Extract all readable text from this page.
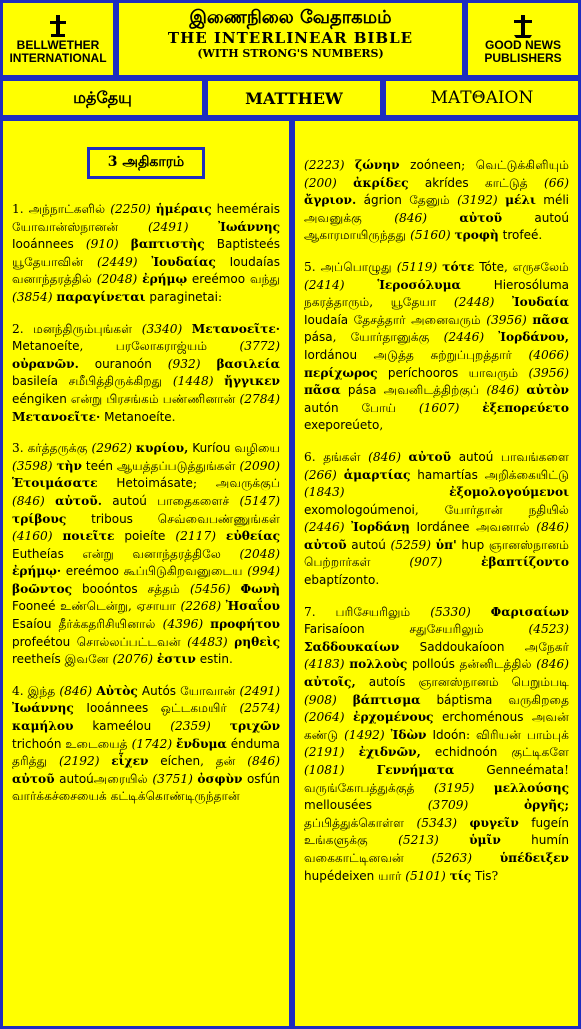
BELLWETHER
INTERNATIONAL
இணைநிலை வேதாகமம்
THE INTERLINEAR BIBLE
(WITH STRONG'S NUMBERS)
GOOD NEWS
PUBLISHERS
மத்தேயு	MATTHEW	ΜΑΤΘΑΙΟΝ
3 அதிகாரம்

1. அந்நாட்களில் (2250) ἡμέραις heemérais யோவான்ஸ்நானன் (2491) Ἰωάννης Iooánnees (910) βαπτιστὴς Baptisteés யூதேயாவின் (2449) Ἰουδαίας Ioudaías வனாந்தரத்தில் (2048) ἐρήμῳ ereémoo வந்து (3854) παραγίνεται paraginetai:

2. மனந்திரும்புங்கள் (3340) Μετανοεῖτε· Metanoeíte, பரலோகராஜ்யம் (3772) οὐρανῶν. ouranoón (932) βασιλεία basileía சமீபித்திருக்கிறது (1448) ἤγγικεν eéngiken என்று பிரசங்கம் பண்ணினான் (2784) Μετανοεῖτε· Metanoeíte.

3. கர்த்தருக்கு (2962) κυρίου, Kuríou வழியை (3598) τὴν teén ஆயத்தப்படுத்துங்கள் (2090) Ἑτοιμάσατε Hetoimásate; அவருக்குப் (846) αὐτοῦ. autoú பாதைகளைச் (5147) τρίβους tribous செவ்வைபண்ணுங்கள் (4160) ποιεῖτε poieíte (2117) εὐθείας Eutheías என்று வனாந்தரத்திலே (2048) ἐρήμῳ· ereémoo கூப்பிடுகிறவனுடைய (994) βοῶντος booóntos சத்தம் (5456) Φωνὴ Fooneé உண்டென்று, ஏசாயா (2268) Ἠσαΐου Esaíou தீர்க்கதரிசியினால் (4396) προφήτου profeétou சொல்லப்பட்டவன் (4483) ρηθεὶς reetheís இவனே (2076) ἐστιν estin.

4. இந்த (846) Αὐτὸς Autós யோவான் (2491) Ἰωάννης Iooánnees ஒட்டகமயிர் (2574) καμήλου kameélou (2359) τριχῶν trichoón உடையைத் (1742) ἔνδυμα énduma தரித்து (2192) εἶχεν eíchen, தன் (846) αὐτοῦ autoúஅரையில் (3751) ὀσφὺν osfún வார்க்கச்சையைக் கட்டிக்கொண்டிருந்தான்

(2223) ζώνην zoóneen; வெட்டுக்கிளியும் (200) ἀκρίδες akrídes காட்டுத் (66) ἄγριον. ágrion தேனும் (3192) μέλι méli அவனுக்கு (846)	αὐτοῦ	autoú ஆகாரமாயிருந்தது (5160) τροφὴ trofeé.

5. அப்பொழுது (5119) τότε Tóte, எருசலேம் (2414)	Ἱεροσόλυμα	Hierosóluma நகரத்தாரும், யூதேயா (2448) Ἰουδαία Ioudaía தேசத்தார் அனைவரும் (3956) πᾶσα pása, யோர்தானுக்கு (2446) Ἰορδάνου, Iordánou அடுத்த சுற்றுப்புறத்தார் (4066) περίχωρος períchooros யாவரும் (3956) πᾶσα pása அவனிடத்திற்குப் (846) αὐτὸν autón போய் (1607) ἐξεπορεύετο exeporeúeto,

6. தங்கள் (846) αὐτοῦ autoú பாவங்களை (266) ἁμαρτίας hamartías அறிக்கையிட்டு (1843)	ἐξομολογούμενοι exomologoúmenoi, யோர்தான் நதியில் (2446) Ἰορδάνῃ Iordánee அவனால் (846) αὐτοῦ autoú (5259) ὑπ' hup ஞானஸ்நானம் பெற்றார்கள் (907)	ἐβαπτίζοντο ebaptízonto.

7. பரிசேயரிலும் (5330) Φαρισαίων Farisaíoon சதுசேயரிலும் (4523) Σαδδουκαίων Saddoukaíoon அநேகர் (4183) πολλοὺς polloús தன்னிடத்தில் (846) αὐτοῖς, autoís ஞானஸ்நானம் பெறும்படி (908) βάπτισμα báptisma வருகிறதை (2064) ἐρχομένους erchoménous அவன் கண்டு (1492) Ἰδὼν Idoón: விரியன் பாம்புக் (2191) ἐχιδνῶν, echidnoón குட்டிகளே (1081)	Γεννήματα	Genneémata! வருங்கோபத்துக்குத் (3195) μελλούσης mellousées	(3709)	ὀργῆς; தப்பித்துக்கொள்ள (5343) φυγεῖν fugeín உங்களுக்கு (5213) ὑμῖν	humín வகைகாட்டினவன் (5263) ὑπέδειξεν hupédeixen யார் (5101) τίς Tis?
